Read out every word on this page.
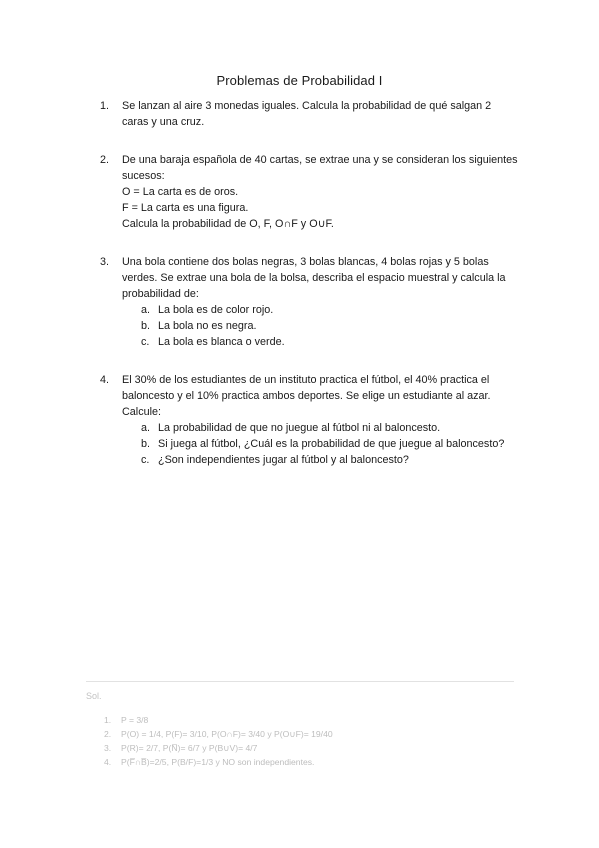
Problemas de Probabilidad I
1. Se lanzan al aire 3 monedas iguales. Calcula la probabilidad de qué salgan 2 caras y una cruz.

2. De una baraja española de 40 cartas, se extrae una y se consideran los siguientes sucesos:

O = La carta es de oros.

F = La carta es una figura.

Calcula la probabilidad de O, F, O∩F y O∪F.

3. Una bola contiene dos bolas negras, 3 bolas blancas, 4 bolas rojas y 5 bolas verdes. Se extrae una bola de la bolsa, describa el espacio muestral y calcula la probabilidad de:

a. La bola es de color rojo.
b. La bola no es negra.
c. La bola es blanca o verde.
4. El 30% de los estudiantes de un instituto practica el fútbol, el 40% practica el baloncesto y el 10% practica ambos deportes. Se elige un estudiante al azar. Calcule:

a. La probabilidad de que no juegue al fútbol ni al baloncesto.
b. Si juega al fútbol, ¿Cuál es la probabilidad de que juegue al baloncesto?
c. ¿Son independientes jugar al fútbol y al baloncesto?
Sol.
1. P = 3/8
2. P(O) = 1/4, P(F)= 3/10, P(O∩F)= 3/40 y P(O∪F)= 19/40
3. P(R)= 2/7, P(N̅)= 6/7 y P(B∪V)= 4/7
4. P(F̅∩B̅)=2/5, P(B/F)=1/3 y NO son independientes.
